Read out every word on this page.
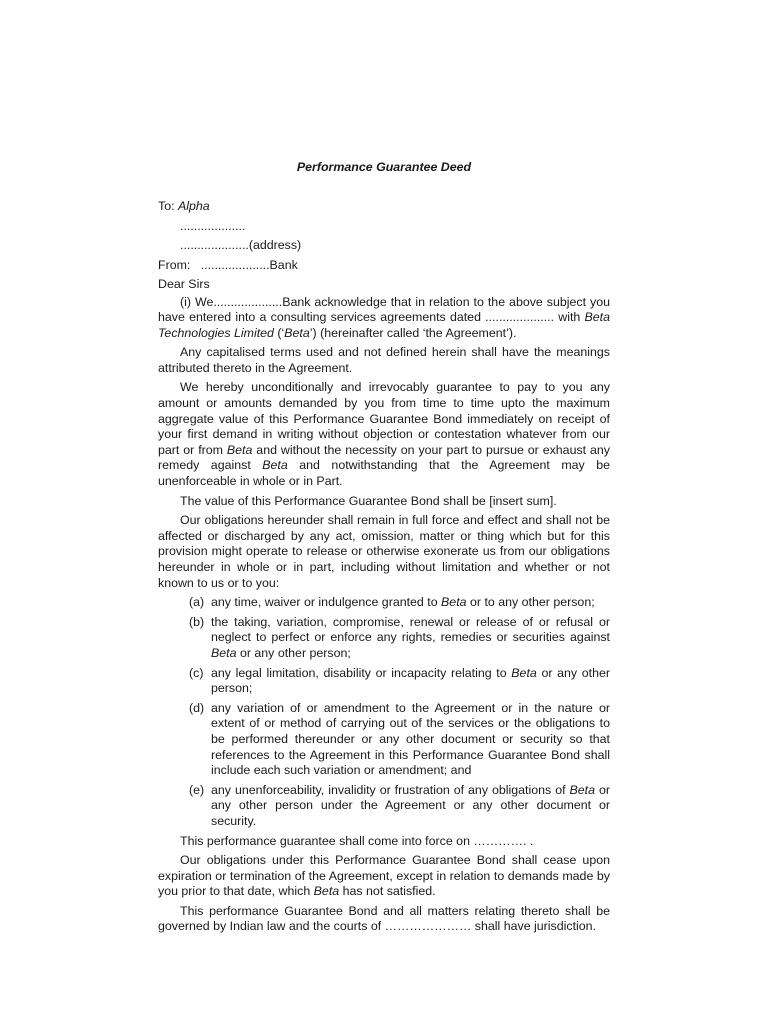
Performance Guarantee Deed

To: Alpha

...................

....................(address)

From: ....................Bank

Dear Sirs

(i) We....................Bank acknowledge that in relation to the above subject you have entered into a consulting services agreements dated .................... with Beta Technologies Limited (‘Beta’) (hereinafter called ‘the Agreement’).

Any capitalised terms used and not defined herein shall have the meanings attributed thereto in the Agreement.

We hereby unconditionally and irrevocably guarantee to pay to you any amount or amounts demanded by you from time to time upto the maximum aggregate value of this Performance Guarantee Bond immediately on receipt of your first demand in writing without objection or contestation whatever from our part or from Beta and without the necessity on your part to pursue or exhaust any remedy against Beta and notwithstanding that the Agreement may be unenforceable in whole or in Part.

The value of this Performance Guarantee Bond shall be [insert sum].

Our obligations hereunder shall remain in full force and effect and shall not be affected or discharged by any act, omission, matter or thing which but for this provision might operate to release or otherwise exonerate us from our obligations hereunder in whole or in part, including without limitation and whether or not known to us or to you:

(a) any time, waiver or indulgence granted to Beta or to any other person;
(b) the taking, variation, compromise, renewal or release of or refusal or neglect to perfect or enforce any rights, remedies or securities against Beta or any other person;
(c) any legal limitation, disability or incapacity relating to Beta or any other person;
(d) any variation of or amendment to the Agreement or in the nature or extent of or method of carrying out of the services or the obligations to be performed thereunder or any other document or security so that references to the Agreement in this Performance Guarantee Bond shall include each such variation or amendment; and
(e) any unenforceability, invalidity or frustration of any obligations of Beta or any other person under the Agreement or any other document or security.

This performance guarantee shall come into force on …………. .

Our obligations under this Performance Guarantee Bond shall cease upon expiration or termination of the Agreement, except in relation to demands made by you prior to that date, which Beta has not satisfied.

This performance Guarantee Bond and all matters relating thereto shall be governed by Indian law and the courts of ………………… shall have jurisdiction.
